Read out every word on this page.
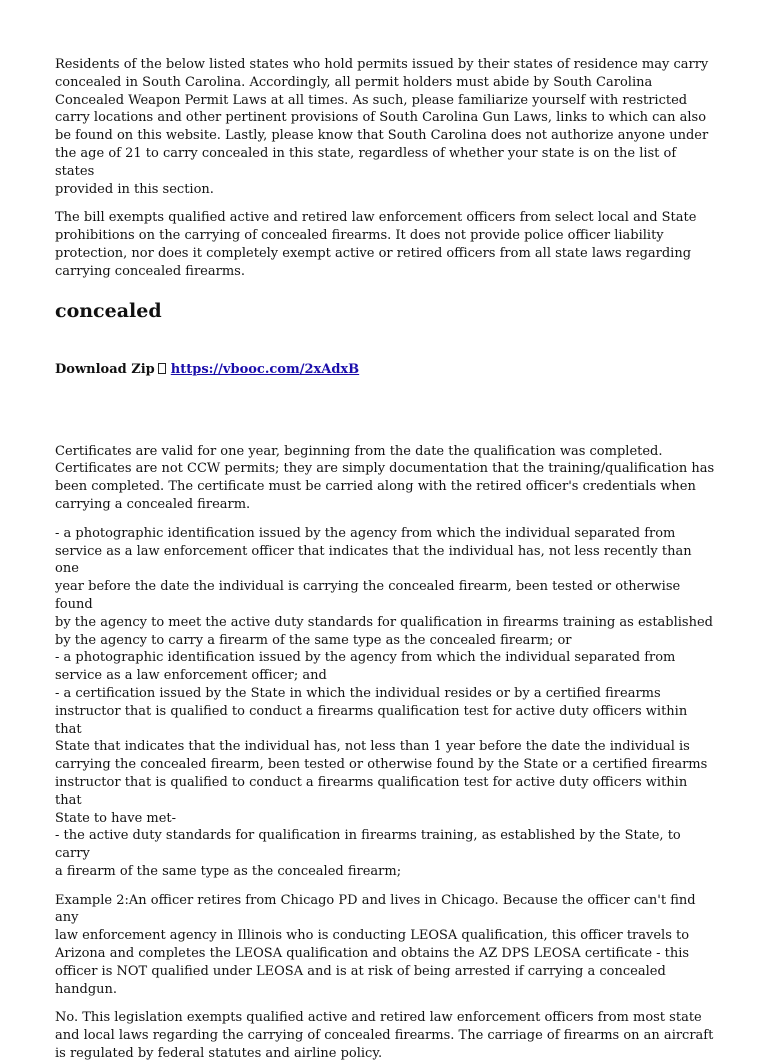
Residents of the below listed states who hold permits issued by their states of residence may carry
concealed in South Carolina. Accordingly, all permit holders must abide by South Carolina
Concealed Weapon Permit Laws at all times. As such, please familiarize yourself with restricted
carry locations and other pertinent provisions of South Carolina Gun Laws, links to which can also
be found on this website. Lastly, please know that South Carolina does not authorize anyone under
the age of 21 to carry concealed in this state, regardless of whether your state is on the list of states
provided in this section.

The bill exempts qualified active and retired law enforcement officers from select local and State
prohibitions on the carrying of concealed firearms. It does not provide police officer liability
protection, nor does it completely exempt active or retired officers from all state laws regarding
carrying concealed firearms.

concealed
Download Zip https://vbooc.com/2xAdxB

Certificates are valid for one year, beginning from the date the qualification was completed.
Certificates are not CCW permits; they are simply documentation that the training/qualification has
been completed. The certificate must be carried along with the retired officer's credentials when
carrying a concealed firearm.

- a photographic identification issued by the agency from which the individual separated from
service as a law enforcement officer that indicates that the individual has, not less recently than one
year before the date the individual is carrying the concealed firearm, been tested or otherwise found
by the agency to meet the active duty standards for qualification in firearms training as established
by the agency to carry a firearm of the same type as the concealed firearm; or
- a photographic identification issued by the agency from which the individual separated from
service as a law enforcement officer; and
- a certification issued by the State in which the individual resides or by a certified firearms
instructor that is qualified to conduct a firearms qualification test for active duty officers within that
State that indicates that the individual has, not less than 1 year before the date the individual is
carrying the concealed firearm, been tested or otherwise found by the State or a certified firearms
instructor that is qualified to conduct a firearms qualification test for active duty officers within that
State to have met-
- the active duty standards for qualification in firearms training, as established by the State, to carry
a firearm of the same type as the concealed firearm;

Example 2:An officer retires from Chicago PD and lives in Chicago. Because the officer can't find any
law enforcement agency in Illinois who is conducting LEOSA qualification, this officer travels to
Arizona and completes the LEOSA qualification and obtains the AZ DPS LEOSA certificate - this
officer is NOT qualified under LEOSA and is at risk of being arrested if carrying a concealed
handgun.

No. This legislation exempts qualified active and retired law enforcement officers from most state
and local laws regarding the carrying of concealed firearms. The carriage of firearms on an aircraft
is regulated by federal statutes and airline policy.
